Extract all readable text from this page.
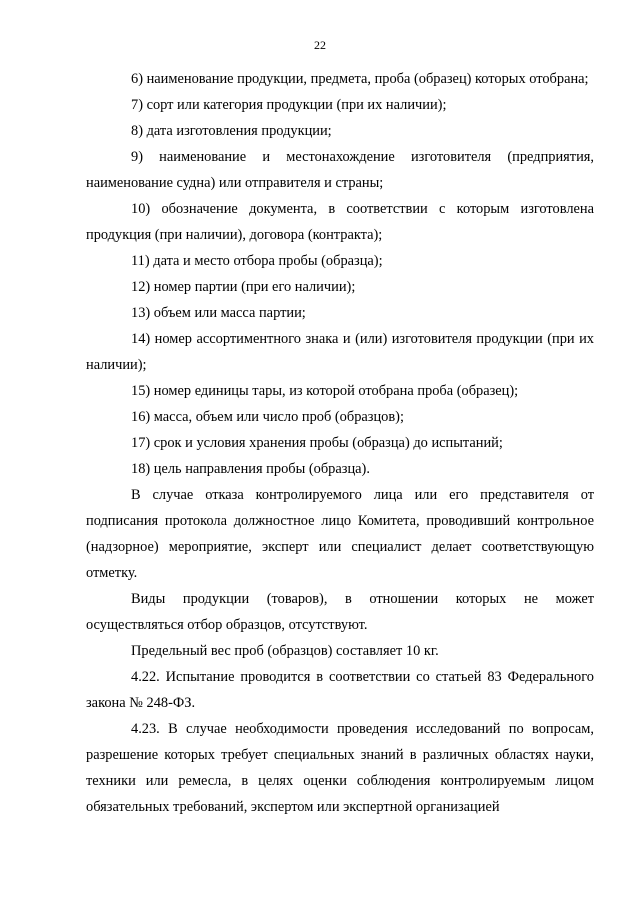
22

6) наименование продукции, предмета, проба (образец) которых отобрана;

7) сорт или категория продукции (при их наличии);

8) дата изготовления продукции;

9) наименование и местонахождение изготовителя (предприятия, наименование судна) или отправителя и страны;

10) обозначение документа, в соответствии с которым изготовлена продукция (при наличии), договора (контракта);

11) дата и место отбора пробы (образца);

12) номер партии (при его наличии);

13) объем или масса партии;

14) номер ассортиментного знака и (или) изготовителя продукции (при их наличии);

15) номер единицы тары, из которой отобрана проба (образец);

16) масса, объем или число проб (образцов);

17) срок и условия хранения пробы (образца) до испытаний;

18) цель направления пробы (образца).

В случае отказа контролируемого лица или его представителя от подписания протокола должностное лицо Комитета, проводивший контрольное (надзорное) мероприятие, эксперт или специалист делает соответствующую отметку.

Виды продукции (товаров), в отношении которых не может осуществляться отбор образцов, отсутствуют.

Предельный вес проб (образцов) составляет 10 кг.

4.22. Испытание проводится в соответствии со статьей 83 Федерального закона № 248-ФЗ.

4.23. В случае необходимости проведения исследований по вопросам, разрешение которых требует специальных знаний в различных областях науки, техники или ремесла, в целях оценки соблюдения контролируемым лицом обязательных требований, экспертом или экспертной организацией
